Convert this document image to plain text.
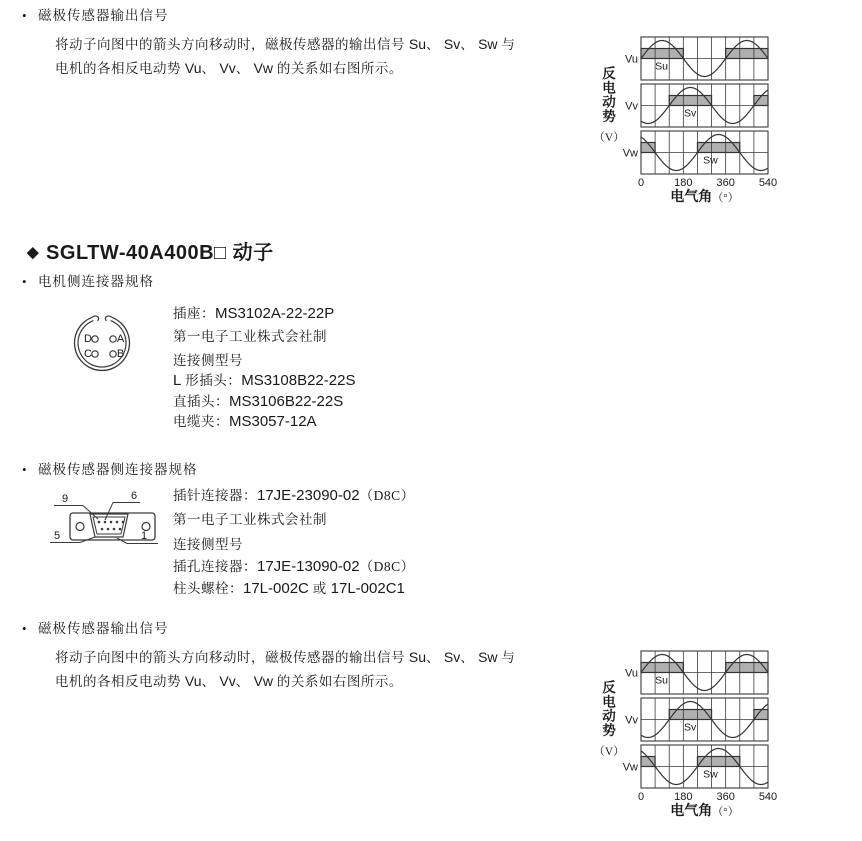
• 磁极传感器输出信号
将动子向图中的箭头方向移动时，磁极传感器的输出信号 Su、 Sv、 Sw 与
电机的各相反电动势 Vu、 Vv、 Vw 的关系如右图所示。
Vu
Su
Vv
Sv
Vw
Sw
0	180 360 540
电气角（°）
反
电
动
势
（V）
◆ SGLTW-40A400B□ 动子
• 电机侧连接器规格
D A
C B
插座：MS3102A-22-22P
第一电子工业株式会社制
连接侧型号
L 形插头：MS3108B22-22S
直插头：MS3106B22-22S
电缆夹：MS3057-12A
• 磁极传感器侧连接器规格
9	6
5	1
插针连接器：17JE-23090-02（D8C）
第一电子工业株式会社制
连接侧型号
插孔连接器：17JE-13090-02（D8C）
柱头螺栓：17L-002C 或 17L-002C1
• 磁极传感器输出信号
将动子向图中的箭头方向移动时，磁极传感器的输出信号 Su、 Sv、 Sw 与
电机的各相反电动势 Vu、 Vv、 Vw 的关系如右图所示。	Vu
Su
Vv
Sv
Vw
Sw
0	180 360 540
电气角（°）
反
电
动
势
（V）
